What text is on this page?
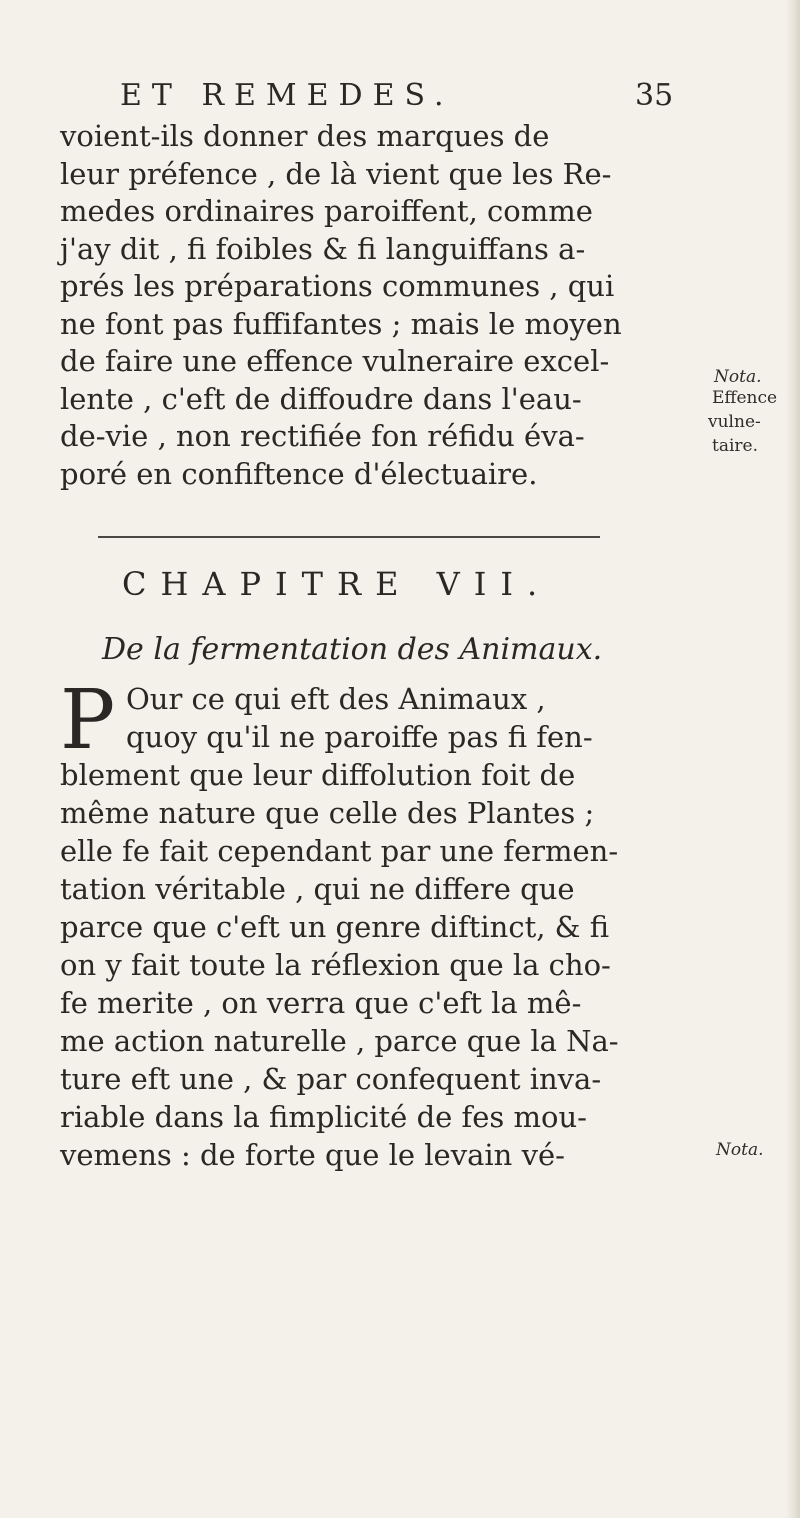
ET REMEDES.	35
voient-ils donner des marques de
leur préfence , de là vient que les Re-
medes ordinaires paroiffent, comme
j'ay dit , fi foibles & fi languiffans a-
prés les préparations communes , qui
ne font pas fuffifantes ; mais le moyen
de faire une effence vulneraire excel-
lente , c'eft de diffoudre dans l'eau-
de-vie , non rectifiée fon réfidu éva-
poré en confiftence d'électuaire.
Nota.
Effence
vulne-
taire.
CHAPITRE VII.
De la fermentation des Animaux.
P Our ce qui eft des Animaux ,
quoy qu'il ne paroiffe pas fi fen-
blement que leur diffolution foit de
même nature que celle des Plantes ;
elle fe fait cependant par une fermen-
tation véritable , qui ne differe que
parce que c'eft un genre diftinct, & fi
on y fait toute la réflexion que la cho-
fe merite , on verra que c'eft la mê-
me action naturelle , parce que la Na-
ture eft une , & par confequent inva-
riable dans la fimplicité de fes mou-
vemens : de forte que le levain vé-	Nota.
